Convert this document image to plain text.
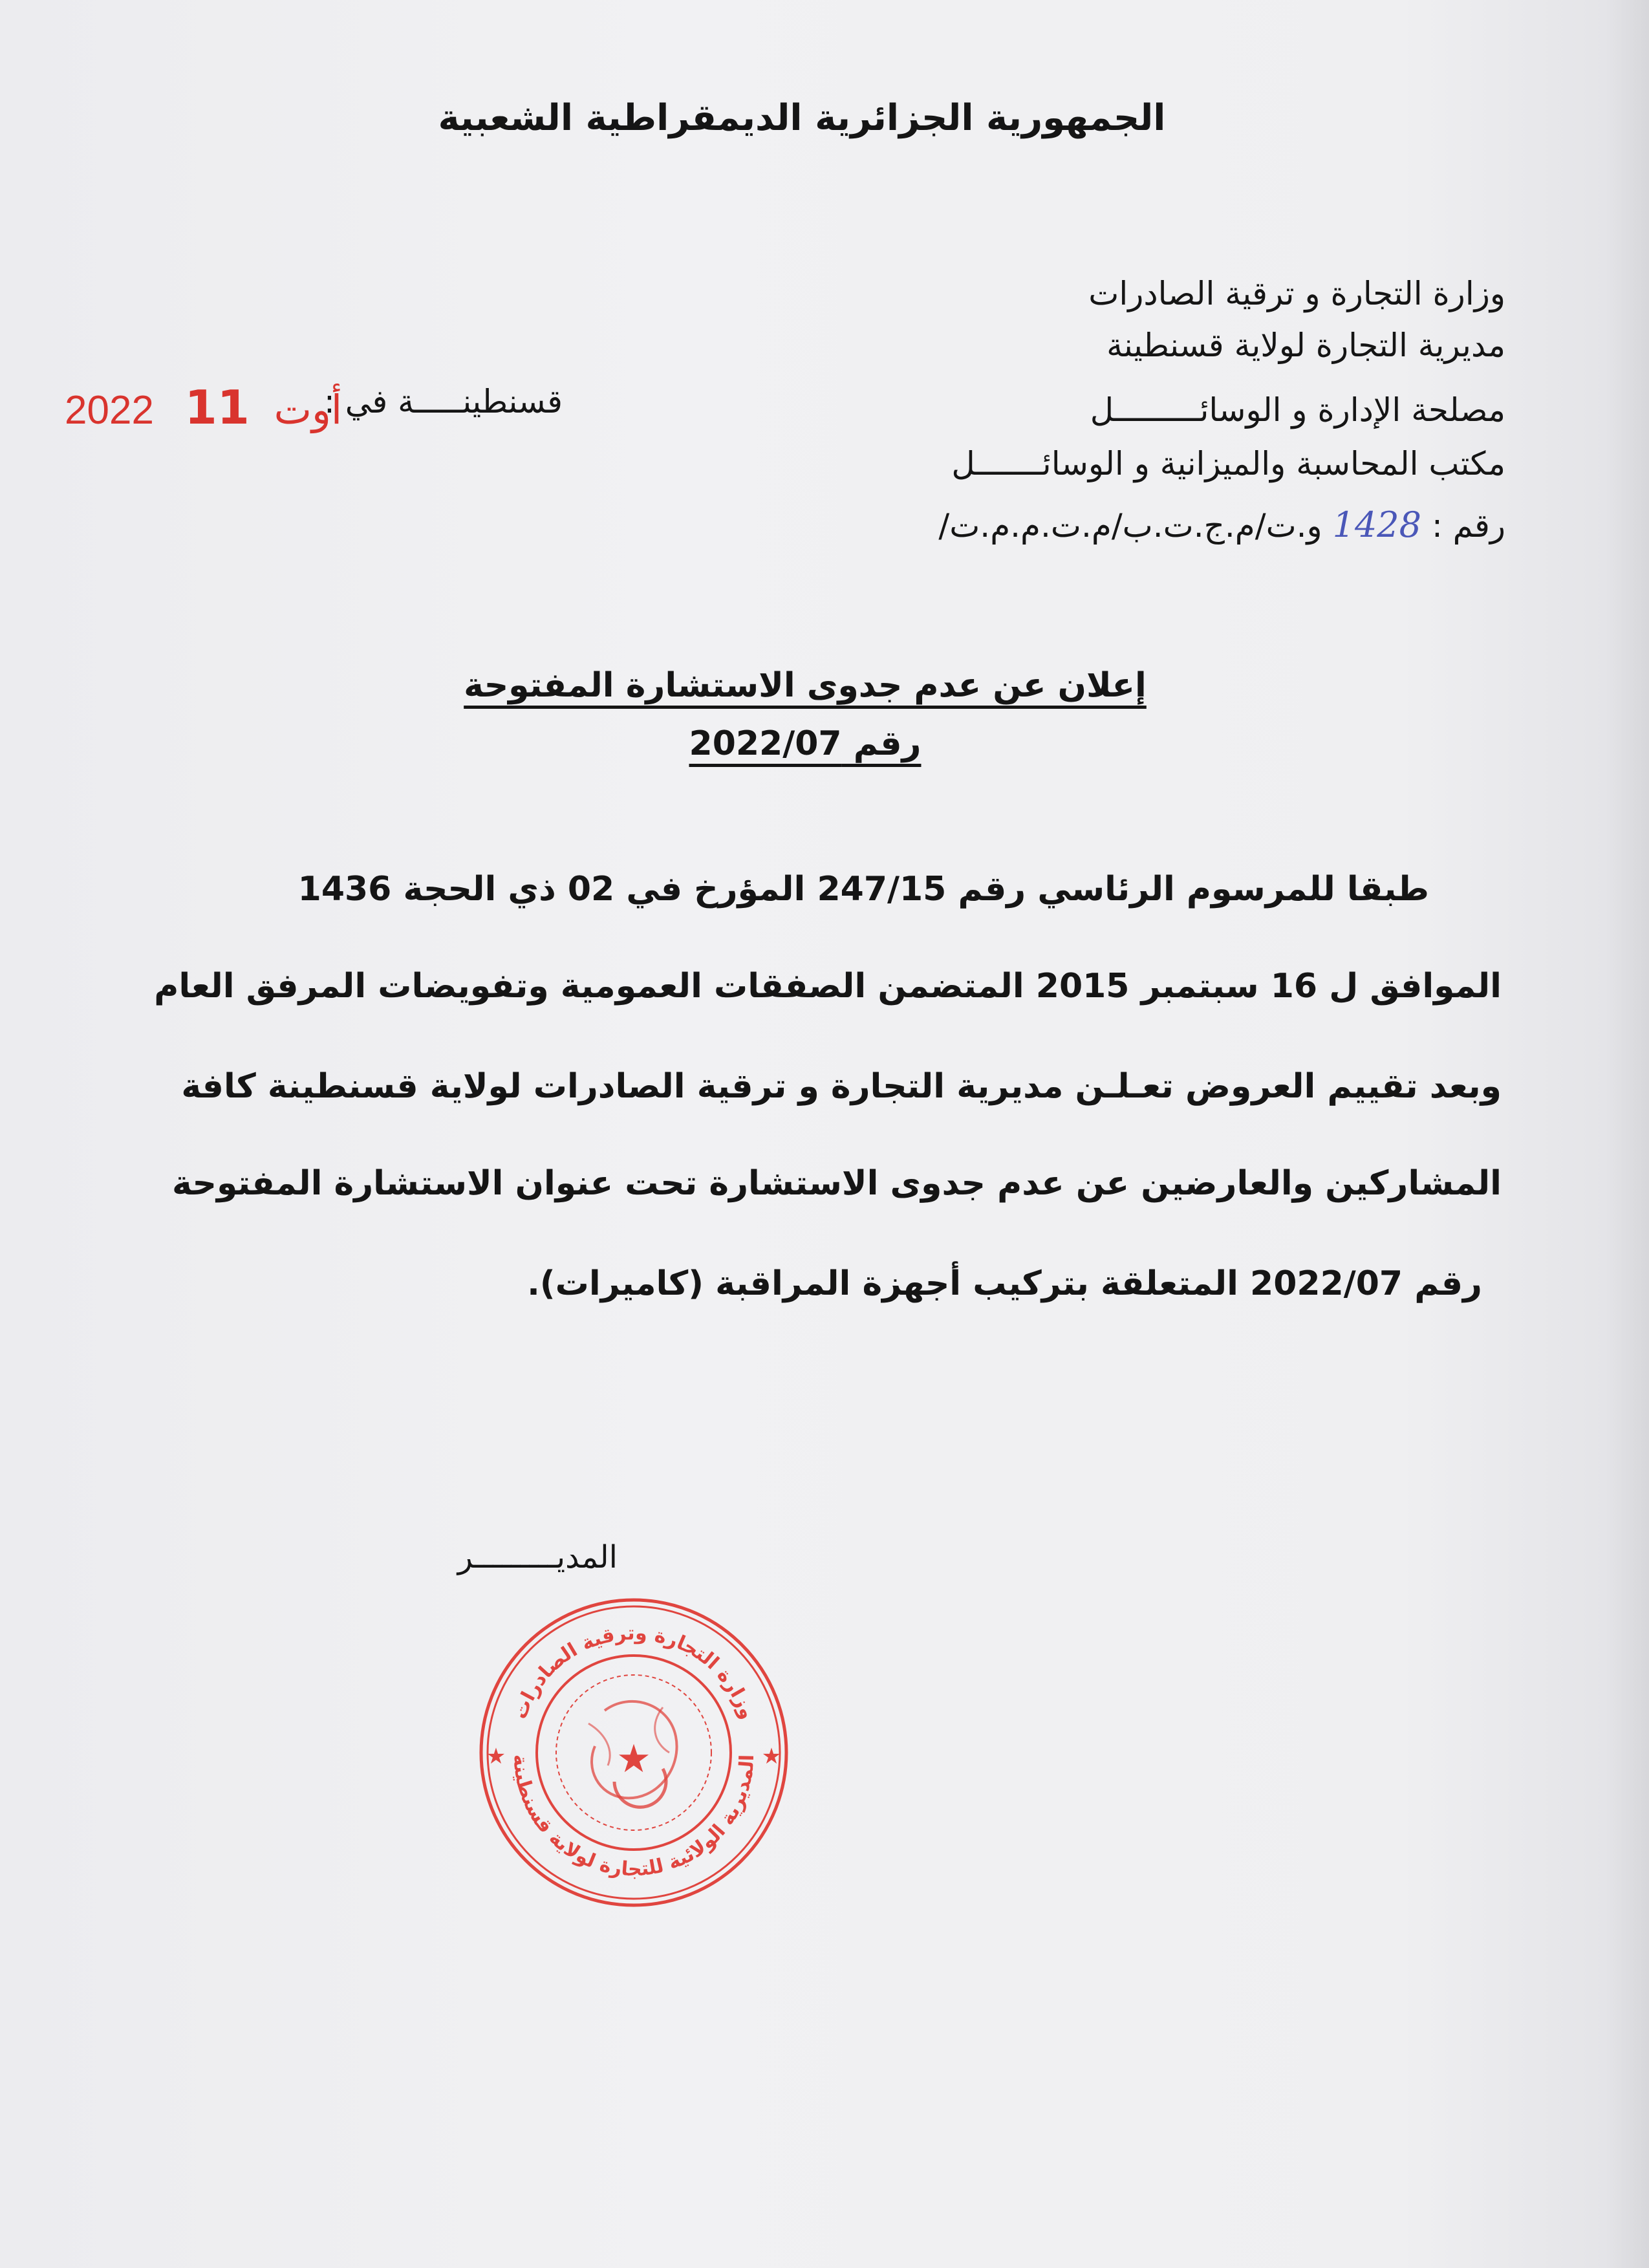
الجمهورية الجزائرية الديمقراطية الشعبية
وزارة التجارة و ترقية الصادرات
مديرية التجارة لولاية قسنطينة
مصلحة الإدارة و الوسائـــــــــل
مكتب المحاسبة والميزانية و الوسائـــــــل
رقم : 1428 و.ت/م.ج.ت.ب/م.ت.م.م.ت/
قسنطينـــــة في :
2022	أوت 11
إعلان عن عدم جدوى الاستشارة المفتوحة
رقم 2022/07
طبقا للمرسوم الرئاسي رقم 247/15 المؤرخ في 02 ذي الحجة 1436
الموافق ل 16 سبتمبر 2015 المتضمن الصفقات العمومية وتفويضات المرفق العام
وبعد تقييم العروض تعـلـن مديرية التجارة و ترقية الصادرات لولاية قسنطينة كافة
المشاركين والعارضين عن عدم جدوى الاستشارة تحت عنوان الاستشارة المفتوحة
رقم 2022/07 المتعلقة بتركيب أجهزة المراقبة (كاميرات).
المديـــــــــر
وزارة التجارة وترقية الصادرات
المديرية الولائية للتجارة لولاية قسنطينة
★
★	★
